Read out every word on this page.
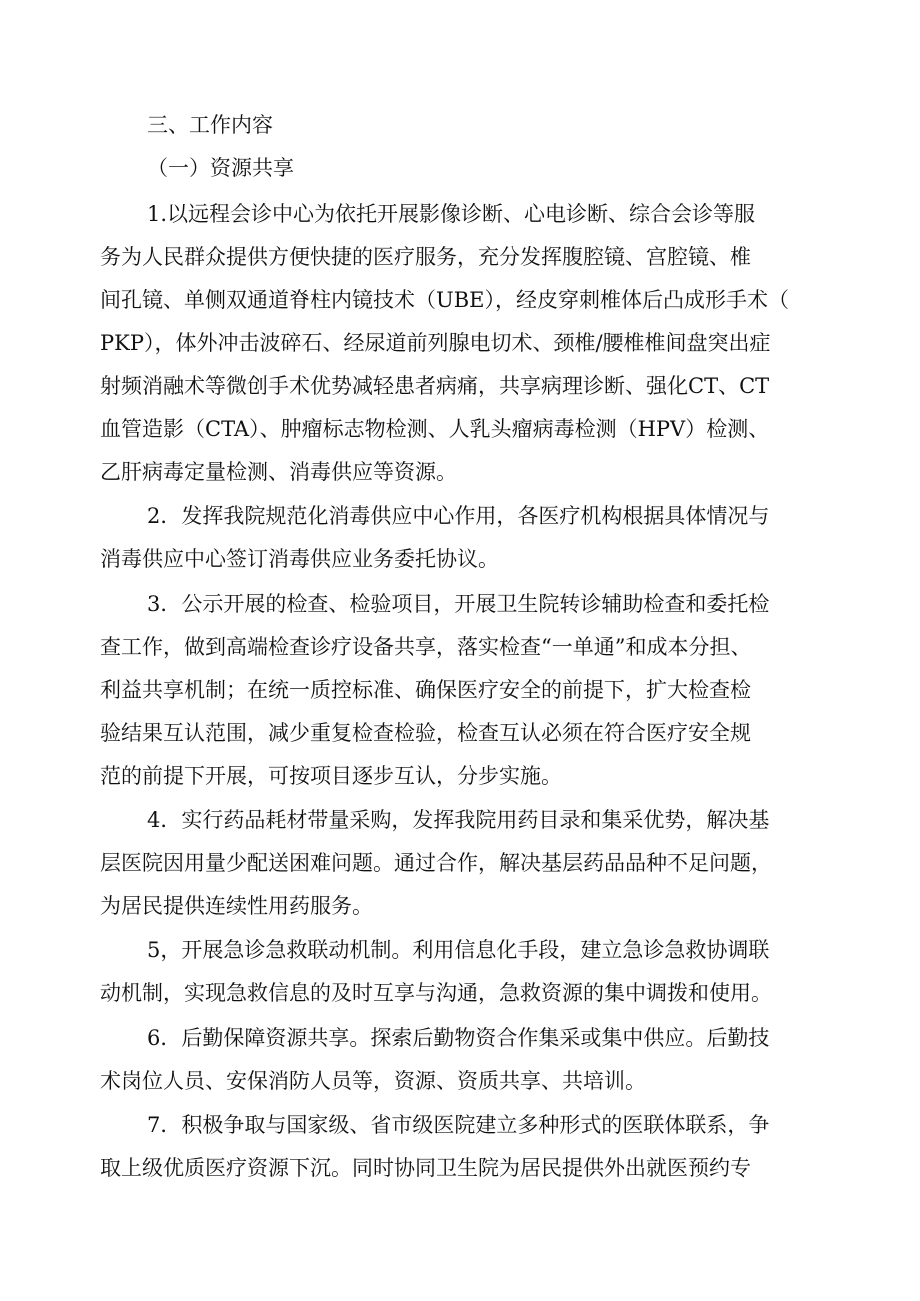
三、工作内容
（一）资源共享
1.以远程会诊中心为依托开展影像诊断、心电诊断、综合会诊等服
务为人民群众提供方便快捷的医疗服务，充分发挥腹腔镜、宫腔镜、椎
间孔镜、单侧双通道脊柱内镜技术（UBE），经皮穿刺椎体后凸成形手术（
PKP），体外冲击波碎石、经尿道前列腺电切术、颈椎/腰椎椎间盘突出症
射频消融术等微创手术优势减轻患者病痛，共享病理诊断、强化CT、CT
血管造影（CTA）、肿瘤标志物检测、人乳头瘤病毒检测（HPV）检测、
乙肝病毒定量检测、消毒供应等资源。
2．发挥我院规范化消毒供应中心作用，各医疗机构根据具体情况与
消毒供应中心签订消毒供应业务委托协议。
3．公示开展的检查、检验项目，开展卫生院转诊辅助检查和委托检
查工作，做到高端检查诊疗设备共享，落实检查“一单通”和成本分担、
利益共享机制；在统一质控标准、确保医疗安全的前提下，扩大检查检
验结果互认范围，减少重复检查检验，检查互认必须在符合医疗安全规
范的前提下开展，可按项目逐步互认，分步实施。
4．实行药品耗材带量采购，发挥我院用药目录和集采优势，解决基
层医院因用量少配送困难问题。通过合作，解决基层药品品种不足问题，
为居民提供连续性用药服务。
5，开展急诊急救联动机制。利用信息化手段，建立急诊急救协调联
动机制，实现急救信息的及时互享与沟通，急救资源的集中调拨和使用。
6．后勤保障资源共享。探索后勤物资合作集采或集中供应。后勤技
术岗位人员、安保消防人员等，资源、资质共享、共培训。
7．积极争取与国家级、省市级医院建立多种形式的医联体联系，争
取上级优质医疗资源下沉。同时协同卫生院为居民提供外出就医预约专
